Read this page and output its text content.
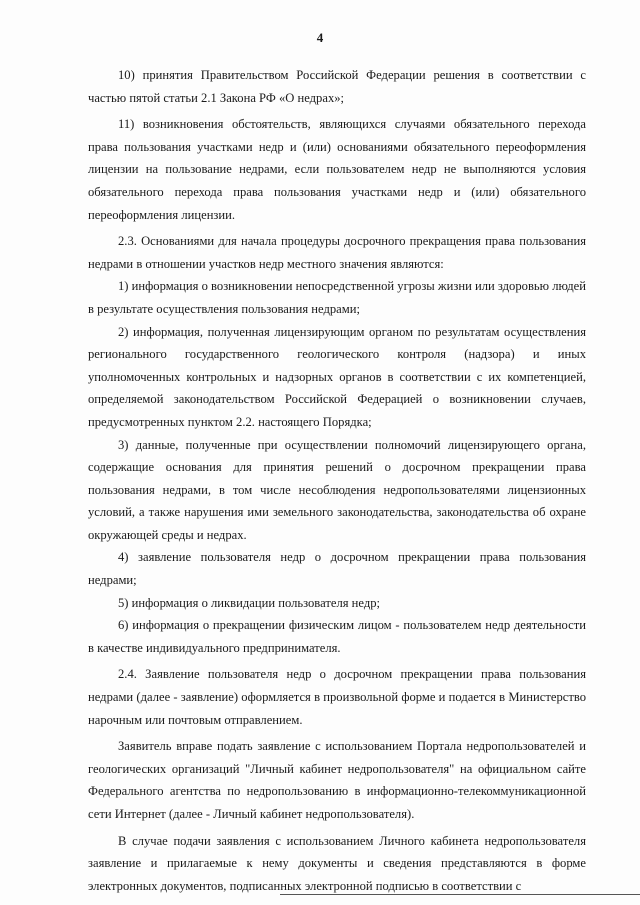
4

10) принятия Правительством Российской Федерации решения в соответствии с частью пятой статьи 2.1 Закона РФ «О недрах»;

11) возникновения обстоятельств, являющихся случаями обязательного перехода права пользования участками недр и (или) основаниями обязательного переоформления лицензии на пользование недрами, если пользователем недр не выполняются условия обязательного перехода права пользования участками недр и (или) обязательного переоформления лицензии.

2.3. Основаниями для начала процедуры досрочного прекращения права пользования недрами в отношении участков недр местного значения являются:

1) информация о возникновении непосредственной угрозы жизни или здоровью людей в результате осуществления пользования недрами;

2) информация, полученная лицензирующим органом по результатам осуществления регионального государственного геологического контроля (надзора) и иных уполномоченных контрольных и надзорных органов в соответствии с их компетенцией, определяемой законодательством Российской Федерацией о возникновении случаев, предусмотренных пунктом 2.2. настоящего Порядка;

3) данные, полученные при осуществлении полномочий лицензирующего органа, содержащие основания для принятия решений о досрочном прекращении права пользования недрами, в том числе несоблюдения недропользователями лицензионных условий, а также нарушения ими земельного законодательства, законодательства об охране окружающей среды и недрах.

4) заявление пользователя недр о досрочном прекращении права пользования недрами;

5) информация о ликвидации пользователя недр;

6) информация о прекращении физическим лицом - пользователем недр деятельности в качестве индивидуального предпринимателя.

2.4. Заявление пользователя недр о досрочном прекращении права пользования недрами (далее - заявление) оформляется в произвольной форме и подается в Министерство нарочным или почтовым отправлением.

Заявитель вправе подать заявление с использованием Портала недропользователей и геологических организаций "Личный кабинет недропользователя" на официальном сайте Федерального агентства по недропользованию в информационно-телекоммуникационной сети Интернет (далее - Личный кабинет недропользователя).

В случае подачи заявления с использованием Личного кабинета недропользователя заявление и прилагаемые к нему документы и сведения представляются в форме электронных документов, подписанных электронной подписью в соответствии с
